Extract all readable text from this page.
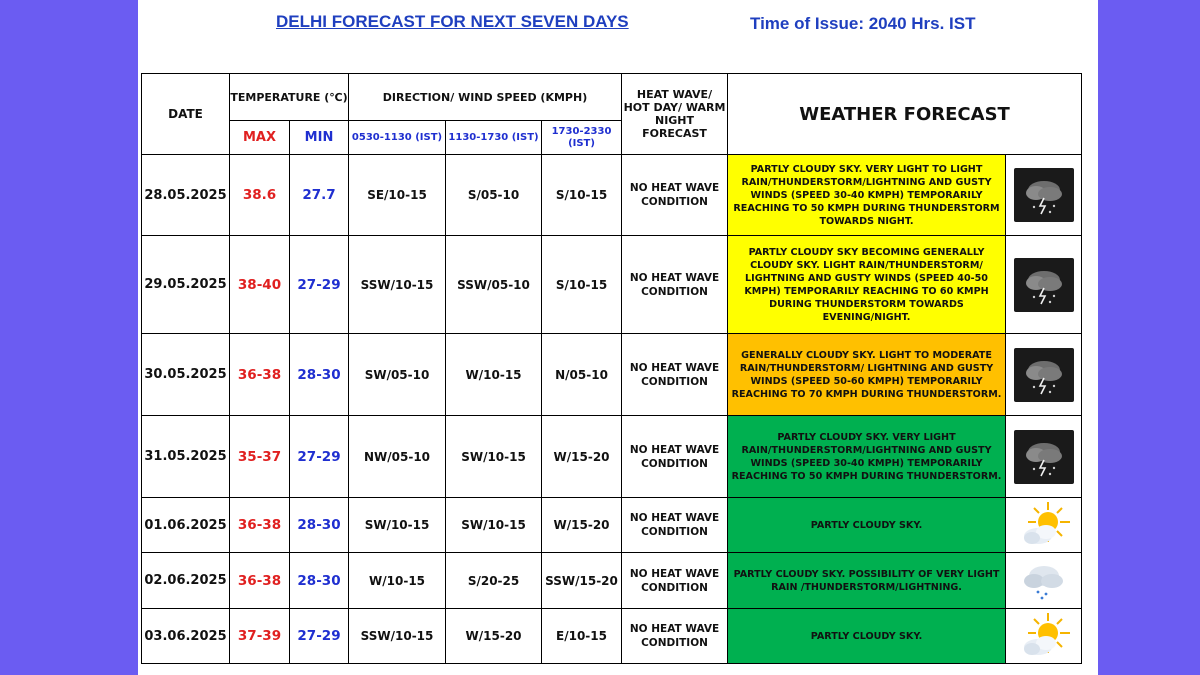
DELHI FORECAST FOR NEXT SEVEN DAYS	Time of Issue: 2040 Hrs. IST
DATE	TEMPERATURE (℃)		DIRECTION/ WIND SPEED (KMPH)			HEAT WAVE/ HOT DAY/ WARM NIGHT FORECAST	WEATHER FORECAST	
	MAX	MIN	0530-1130 (IST)	1130-1730 (IST)	1730-2330 (IST)			
28.05.2025	38.6	27.7	SE/10-15	S/05-10	S/10-15	NO HEAT WAVE CONDITION	PARTLY CLOUDY SKY. VERY LIGHT TO LIGHT RAIN/THUNDERSTORM/LIGHTNING AND GUSTY WINDS (SPEED 30-40 KMPH) TEMPORARILY REACHING TO 50 KMPH DURING THUNDERSTORM TOWARDS NIGHT.	

29.05.2025	38-40	27-29	SSW/10-15	SSW/05-10	S/10-15	NO HEAT WAVE CONDITION	PARTLY CLOUDY SKY BECOMING GENERALLY CLOUDY SKY. LIGHT RAIN/THUNDERSTORM/ LIGHTNING AND GUSTY WINDS (SPEED 40-50 KMPH) TEMPORARILY REACHING TO 60 KMPH DURING THUNDERSTORM TOWARDS EVENING/NIGHT.	

30.05.2025	36-38	28-30	SW/05-10	W/10-15	N/05-10	NO HEAT WAVE CONDITION	GENERALLY CLOUDY SKY. LIGHT TO MODERATE RAIN/THUNDERSTORM/ LIGHTNING AND GUSTY WINDS (SPEED 50-60 KMPH) TEMPORARILY REACHING TO 70 KMPH DURING THUNDERSTORM.	

31.05.2025	35-37	27-29	NW/05-10	SW/10-15	W/15-20	NO HEAT WAVE CONDITION	PARTLY CLOUDY SKY. VERY LIGHT RAIN/THUNDERSTORM/LIGHTNING AND GUSTY WINDS (SPEED 30-40 KMPH) TEMPORARILY REACHING TO 50 KMPH DURING THUNDERSTORM.	

01.06.2025	36-38	28-30	SW/10-15	SW/10-15	W/15-20	NO HEAT WAVE CONDITION	PARTLY CLOUDY SKY.	

02.06.2025	36-38	28-30	W/10-15	S/20-25	SSW/15-20	NO HEAT WAVE CONDITION	PARTLY CLOUDY SKY. POSSIBILITY OF VERY LIGHT RAIN /THUNDERSTORM/LIGHTNING.	

03.06.2025	37-39	27-29	SSW/10-15	W/15-20	E/10-15	NO HEAT WAVE CONDITION	PARTLY CLOUDY SKY.	
